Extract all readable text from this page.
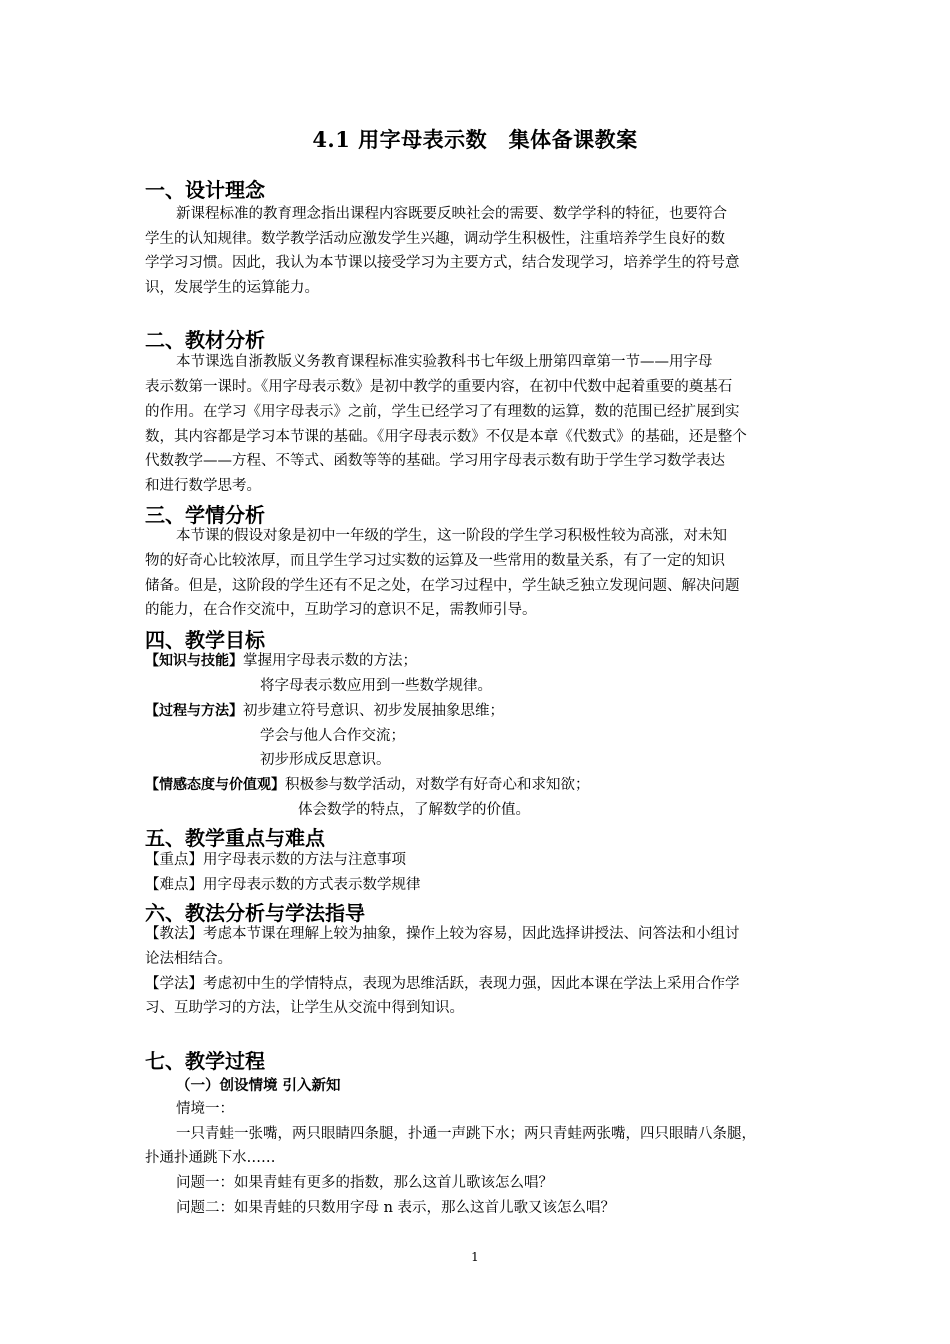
4.1 用字母表示数　集体备课教案
一、设计理念
新课程标准的教育理念指出课程内容既要反映社会的需要、数学学科的特征，也要符合
学生的认知规律。数学教学活动应激发学生兴趣，调动学生积极性，注重培养学生良好的数
学学习习惯。因此，我认为本节课以接受学习为主要方式，结合发现学习，培养学生的符号意
识，发展学生的运算能力。
二、教材分析
本节课选自浙教版义务教育课程标准实验教科书七年级上册第四章第一节——用字母
表示数第一课时。《用字母表示数》是初中教学的重要内容，在初中代数中起着重要的奠基石
的作用。在学习《用字母表示》之前，学生已经学习了有理数的运算，数的范围已经扩展到实
数，其内容都是学习本节课的基础。《用字母表示数》不仅是本章《代数式》的基础，还是整个
代数教学——方程、不等式、函数等等的基础。学习用字母表示数有助于学生学习数学表达
和进行数学思考。
三、学情分析
本节课的假设对象是初中一年级的学生，这一阶段的学生学习积极性较为高涨，对未知
物的好奇心比较浓厚，而且学生学习过实数的运算及一些常用的数量关系，有了一定的知识
储备。但是，这阶段的学生还有不足之处，在学习过程中，学生缺乏独立发现问题、解决问题
的能力，在合作交流中，互助学习的意识不足，需教师引导。
四、教学目标
【知识与技能】掌握用字母表示数的方法；
将字母表示数应用到一些数学规律。
【过程与方法】初步建立符号意识、初步发展抽象思维；
学会与他人合作交流；
初步形成反思意识。
【情感态度与价值观】积极参与数学活动，对数学有好奇心和求知欲；
体会数学的特点，了解数学的价值。
五、教学重点与难点
【重点】用字母表示数的方法与注意事项
【难点】用字母表示数的方式表示数学规律
六、教法分析与学法指导
【教法】考虑本节课在理解上较为抽象，操作上较为容易，因此选择讲授法、问答法和小组讨
论法相结合。
【学法】考虑初中生的学情特点，表现为思维活跃，表现力强，因此本课在学法上采用合作学
习、互助学习的方法，让学生从交流中得到知识。
七、教学过程
（一）创设情境 引入新知
情境一：
一只青蛙一张嘴，两只眼睛四条腿，扑通一声跳下水；两只青蛙两张嘴，四只眼睛八条腿，
扑通扑通跳下水……
问题一：如果青蛙有更多的指数，那么这首儿歌该怎么唱？
问题二：如果青蛙的只数用字母 n 表示，那么这首儿歌又该怎么唱？
1
